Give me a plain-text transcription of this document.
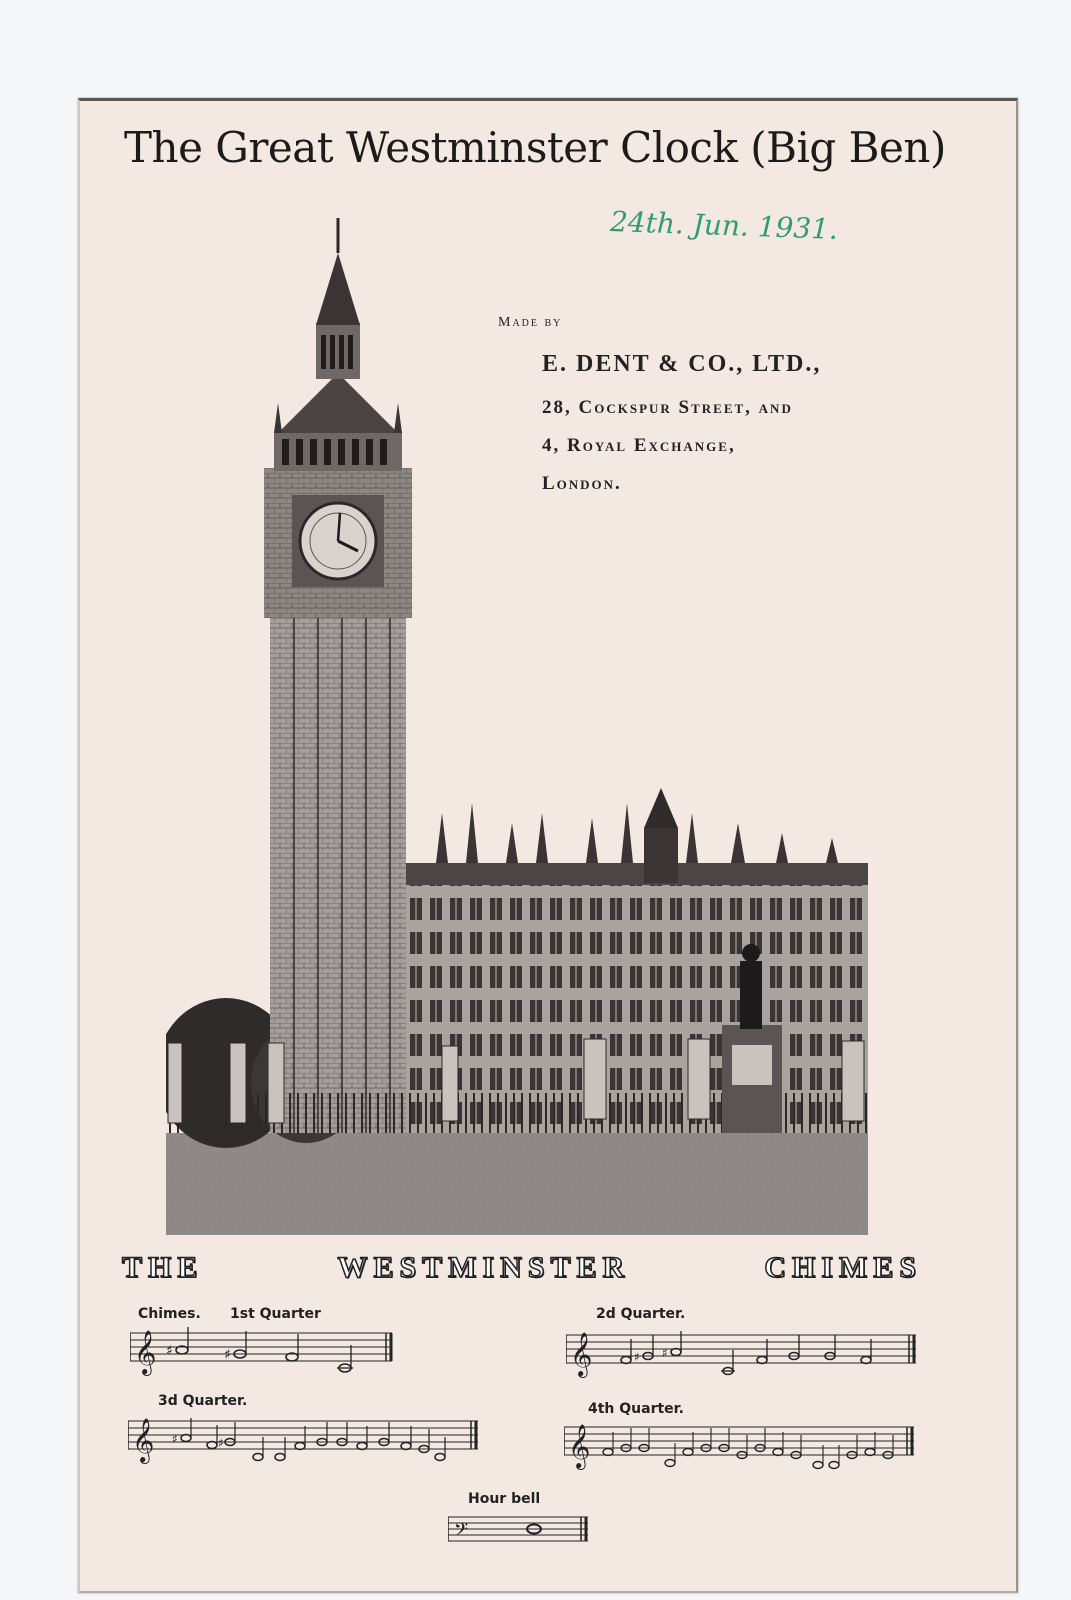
The Great Westminster Clock (Big Ben)
24th. Jun. 1931.
Made by
E. DENT & CO., LTD.,
28, Cockspur Street, and
4, Royal Exchange,
London.
THE	WESTMINSTER	CHIMES
Chimes. 1st Quarter	2d Quarter.
3d Quarter.	4th Quarter.
Hour bell
𝄞 ♯	♯	𝄞	♯ ♯
𝄞 ♯	♯	𝄞
𝄢
